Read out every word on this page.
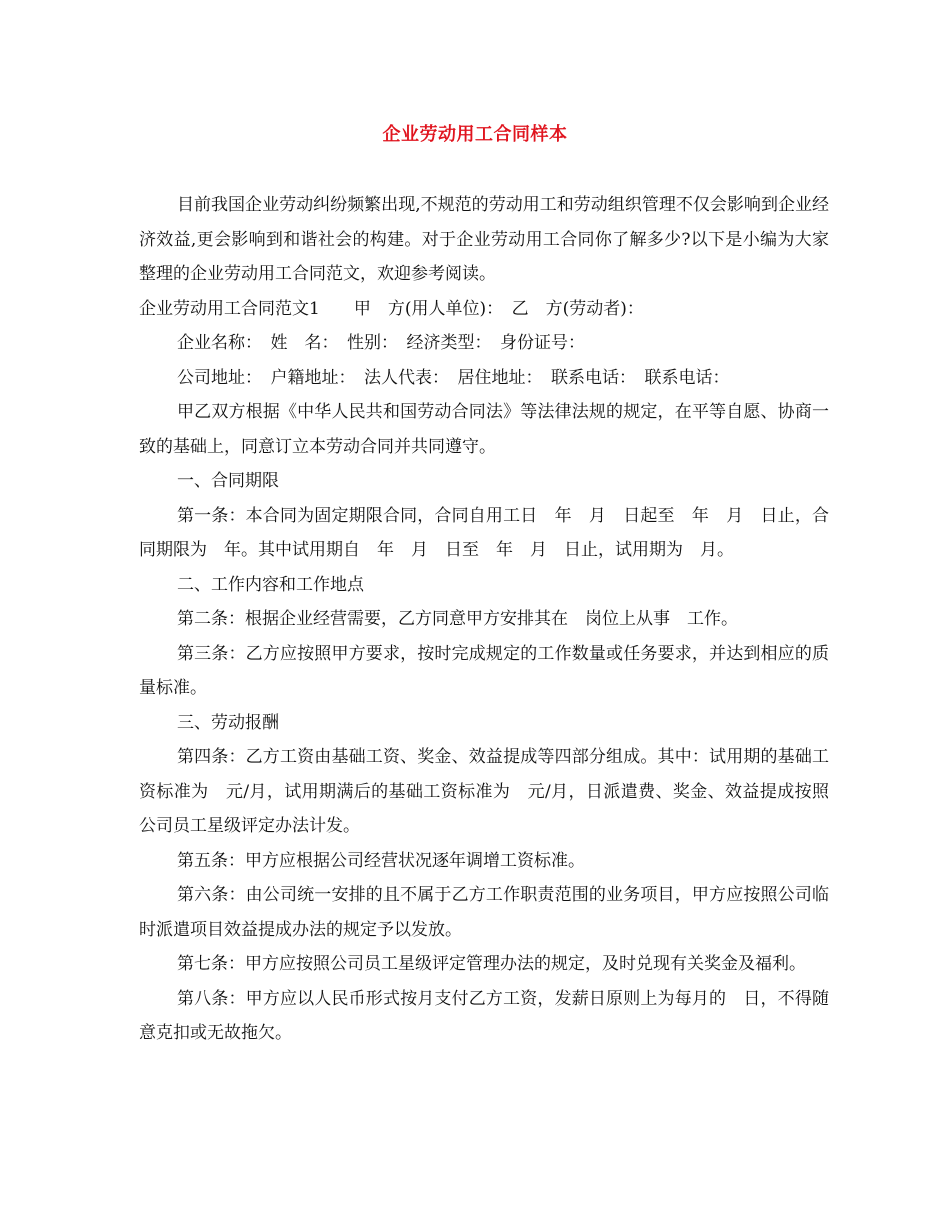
企业劳动用工合同样本

目前我国企业劳动纠纷频繁出现,不规范的劳动用工和劳动组织管理不仅会影响到企业经济效益,更会影响到和谐社会的构建。对于企业劳动用工合同你了解多少?以下是小编为大家整理的企业劳动用工合同范文，欢迎参考阅读。

企业劳动用工合同范文1　　甲　方(用人单位)：　乙　方(劳动者)：

企业名称：　姓　名：　性别：　经济类型：　身份证号：

公司地址：　户籍地址：　法人代表：　居住地址：　联系电话：　联系电话：

甲乙双方根据《中华人民共和国劳动合同法》等法律法规的规定，在平等自愿、协商一致的基础上，同意订立本劳动合同并共同遵守。

一、合同期限

第一条：本合同为固定期限合同，合同自用工日　年　月　日起至　年　月　日止，合同期限为　年。其中试用期自　年　月　日至　年　月　日止，试用期为　月。

二、工作内容和工作地点

第二条：根据企业经营需要，乙方同意甲方安排其在　岗位上从事　工作。

第三条：乙方应按照甲方要求，按时完成规定的工作数量或任务要求，并达到相应的质量标准。

三、劳动报酬

第四条：乙方工资由基础工资、奖金、效益提成等四部分组成。其中：试用期的基础工资标准为　元/月，试用期满后的基础工资标准为　元/月，日派遣费、奖金、效益提成按照公司员工星级评定办法计发。

第五条：甲方应根据公司经营状况逐年调增工资标准。

第六条：由公司统一安排的且不属于乙方工作职责范围的业务项目，甲方应按照公司临时派遣项目效益提成办法的规定予以发放。

第七条：甲方应按照公司员工星级评定管理办法的规定，及时兑现有关奖金及福利。

第八条：甲方应以人民币形式按月支付乙方工资，发薪日原则上为每月的　日，不得随意克扣或无故拖欠。
